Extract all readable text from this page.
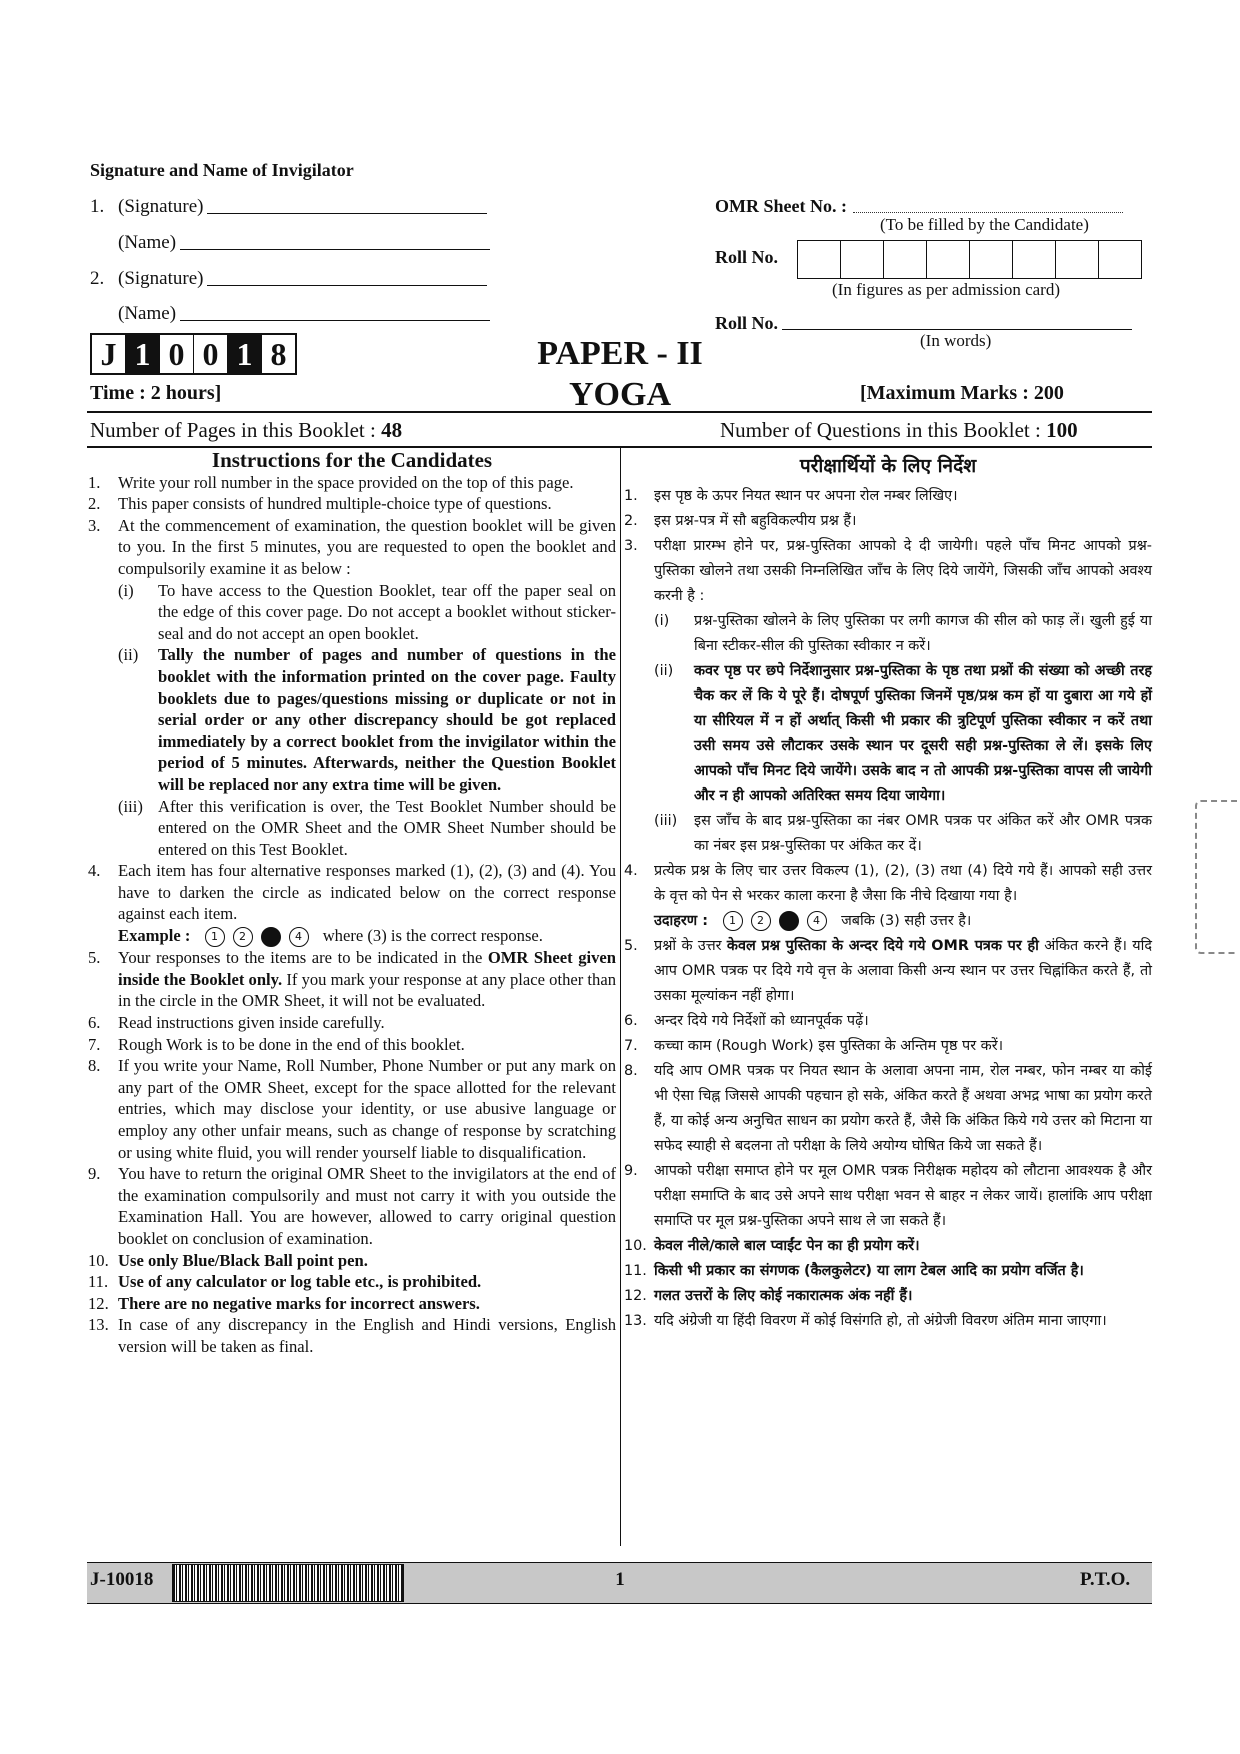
Signature and Name of Invigilator
1. (Signature)
(Name)
2. (Signature)
(Name)
OMR Sheet No. :
(To be filled by the Candidate)
Roll No.
(In figures as per admission card)
Roll No.
(In words)
J 1 0 0 1 8	PAPER - II
YOGA
Time : 2 hours]	[Maximum Marks : 200
Number of Pages in this Booklet : 48	Number of Questions in this Booklet : 100
Instructions for the Candidates
1.	Write your roll number in the space provided on the top of this page.
2.	This paper consists of hundred multiple-choice type of questions.
3.	At the commencement of examination, the question booklet will be given to you. In the first 5 minutes, you are requested to open the booklet and compulsorily examine it as below :
(i)	To have access to the Question Booklet, tear off the paper seal on the edge of this cover page. Do not accept a booklet without sticker-seal and do not accept an open booklet.
(ii)	Tally the number of pages and number of questions in the booklet with the information printed on the cover page. Faulty booklets due to pages/questions missing or duplicate or not in serial order or any other discrepancy should be got replaced immediately by a correct booklet from the invigilator within the period of 5 minutes. Afterwards, neither the Question Booklet will be replaced nor any extra time will be given.
(iii) After this verification is over, the Test Booklet Number should be entered on the OMR Sheet and the OMR Sheet Number should be entered on this Test Booklet.
4.	Each item has four alternative responses marked (1), (2), (3) and (4). You have to darken the circle as indicated below on the correct response against each item.
Example :	1	2	4	where (3) is the correct response.
5.	Your responses to the items are to be indicated in the OMR Sheet given inside the Booklet only. If you mark your response at any place other than in the circle in the OMR Sheet, it will not be evaluated.
6.	Read instructions given inside carefully.
7.	Rough Work is to be done in the end of this booklet.
8.	If you write your Name, Roll Number, Phone Number or put any mark on any part of the OMR Sheet, except for the space allotted for the relevant entries, which may disclose your identity, or use abusive language or employ any other unfair means, such as change of response by scratching or using white fluid, you will render yourself liable to disqualification.
9.	You have to return the original OMR Sheet to the invigilators at the end of the examination compulsorily and must not carry it with you outside the Examination Hall. You are however, allowed to carry original question booklet on conclusion of examination.
10. Use only Blue/Black Ball point pen.
11. Use of any calculator or log table etc., is prohibited.
12. There are no negative marks for incorrect answers.
13. In case of any discrepancy in the English and Hindi versions, English version will be taken as final.
परीक्षार्थियों के लिए निर्देश
1.	इस पृष्ठ के ऊपर नियत स्थान पर अपना रोल नम्बर लिखिए।
2.	इस प्रश्न-पत्र में सौ बहुविकल्पीय प्रश्न हैं।
3.	परीक्षा प्रारम्भ होने पर, प्रश्न-पुस्तिका आपको दे दी जायेगी। पहले पाँच मिनट आपको प्रश्न-पुस्तिका खोलने तथा उसकी निम्नलिखित जाँच के लिए दिये जायेंगे, जिसकी जाँच आपको अवश्य करनी है :
(i)	प्रश्न-पुस्तिका खोलने के लिए पुस्तिका पर लगी कागज की सील को फाड़ लें। खुली हुई या बिना स्टीकर-सील की पुस्तिका स्वीकार न करें।
(ii)	कवर पृष्ठ पर छपे निर्देशानुसार प्रश्न-पुस्तिका के पृष्ठ तथा प्रश्नों की संख्या को अच्छी तरह चैक कर लें कि ये पूरे हैं। दोषपूर्ण पुस्तिका जिनमें पृष्ठ/प्रश्न कम हों या दुबारा आ गये हों या सीरियल में न हों अर्थात् किसी भी प्रकार की त्रुटिपूर्ण पुस्तिका स्वीकार न करें तथा उसी समय उसे लौटाकर उसके स्थान पर दूसरी सही प्रश्न-पुस्तिका ले लें। इसके लिए आपको पाँच मिनट दिये जायेंगे। उसके बाद न तो आपकी प्रश्न-पुस्तिका वापस ली जायेगी और न ही आपको अतिरिक्त समय दिया जायेगा।
(iii)	इस जाँच के बाद प्रश्न-पुस्तिका का नंबर OMR पत्रक पर अंकित करें और OMR पत्रक का नंबर इस प्रश्न-पुस्तिका पर अंकित कर दें।
4.	प्रत्येक प्रश्न के लिए चार उत्तर विकल्प (1), (2), (3) तथा (4) दिये गये हैं। आपको सही उत्तर के वृत्त को पेन से भरकर काला करना है जैसा कि नीचे दिखाया गया है।
उदाहरण :	1	2	4	जबकि (3) सही उत्तर है।
5.	प्रश्नों के उत्तर केवल प्रश्न पुस्तिका के अन्दर दिये गये OMR पत्रक पर ही अंकित करने हैं। यदि आप OMR पत्रक पर दिये गये वृत्त के अलावा किसी अन्य स्थान पर उत्तर चिह्नांकित करते हैं, तो उसका मूल्यांकन नहीं होगा।
6.	अन्दर दिये गये निर्देशों को ध्यानपूर्वक पढ़ें।
7.	कच्चा काम (Rough Work) इस पुस्तिका के अन्तिम पृष्ठ पर करें।
8.	यदि आप OMR पत्रक पर नियत स्थान के अलावा अपना नाम, रोल नम्बर, फोन नम्बर या कोई भी ऐसा चिह्न जिससे आपकी पहचान हो सके, अंकित करते हैं अथवा अभद्र भाषा का प्रयोग करते हैं, या कोई अन्य अनुचित साधन का प्रयोग करते हैं, जैसे कि अंकित किये गये उत्तर को मिटाना या सफेद स्याही से बदलना तो परीक्षा के लिये अयोग्य घोषित किये जा सकते हैं।
9.	आपको परीक्षा समाप्त होने पर मूल OMR पत्रक निरीक्षक महोदय को लौटाना आवश्यक है और परीक्षा समाप्ति के बाद उसे अपने साथ परीक्षा भवन से बाहर न लेकर जायें। हालांकि आप परीक्षा समाप्ति पर मूल प्रश्न-पुस्तिका अपने साथ ले जा सकते हैं।
10. केवल नीले/काले बाल प्वाईंट पेन का ही प्रयोग करें।
11. किसी भी प्रकार का संगणक (कैलकुलेटर) या लाग टेबल आदि का प्रयोग वर्जित है।
12. गलत उत्तरों के लिए कोई नकारात्मक अंक नहीं हैं।
13. यदि अंग्रेजी या हिंदी विवरण में कोई विसंगति हो, तो अंग्रेजी विवरण अंतिम माना जाएगा।
J-10018	1	P.T.O.
